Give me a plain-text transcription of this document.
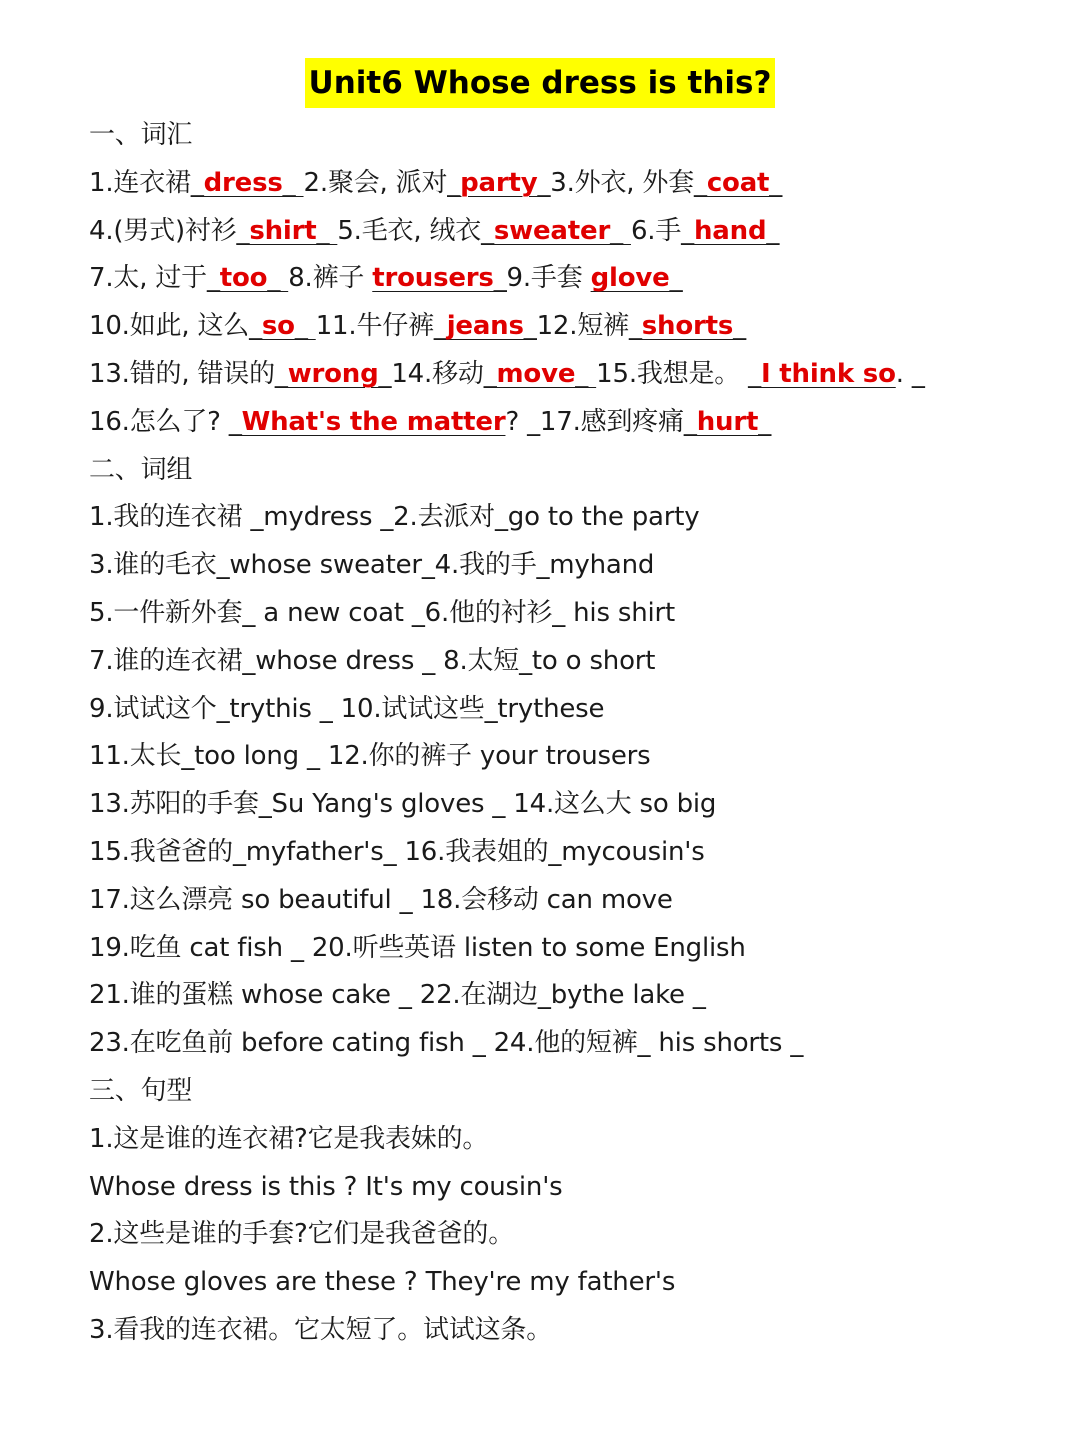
Unit6 Whose dress is this?
一、词汇
1.连衣裙_dress_ 2.聚会, 派对_party_3.外衣, 外套_coat_
4.(男式)衬衫_shirt_ 5.毛衣, 绒衣_sweater_ 6.手_hand_
7.太, 过于_too_ 8.裤子 trousers_9.手套 glove_
10.如此, 这么_so_ 11.牛仔裤_jeans_12.短裤_shorts_
13.错的, 错误的_wrong_14.移动_move_ 15.我想是。 _I think so. _
16.怎么了? _What's the matter? _17.感到疼痛_hurt_
二、词组
1.我的连衣裙 _mydress _2.去派对_go to the party
3.谁的毛衣_whose sweater_4.我的手_myhand
5.一件新外套_ a new coat _6.他的衬衫_ his shirt
7.谁的连衣裙_whose dress _ 8.太短_to o short
9.试试这个_trythis _ 10.试试这些_trythese
11.太长_too long _ 12.你的裤子 your trousers
13.苏阳的手套_Su Yang's gloves _ 14.这么大 so big
15.我爸爸的_myfather's_ 16.我表姐的_mycousin's
17.这么漂亮 so beautiful _ 18.会移动 can move
19.吃鱼 cat fish _ 20.听些英语 listen to some English
21.谁的蛋糕 whose cake _ 22.在湖边_bythe lake _
23.在吃鱼前 before cating fish _ 24.他的短裤_ his shorts _
三、句型
1.这是谁的连衣裙?它是我表妹的。
Whose dress is this ? It's my cousin's
2.这些是谁的手套?它们是我爸爸的。
Whose gloves are these ? They're my father's
3.看我的连衣裙。它太短了。试试这条。
